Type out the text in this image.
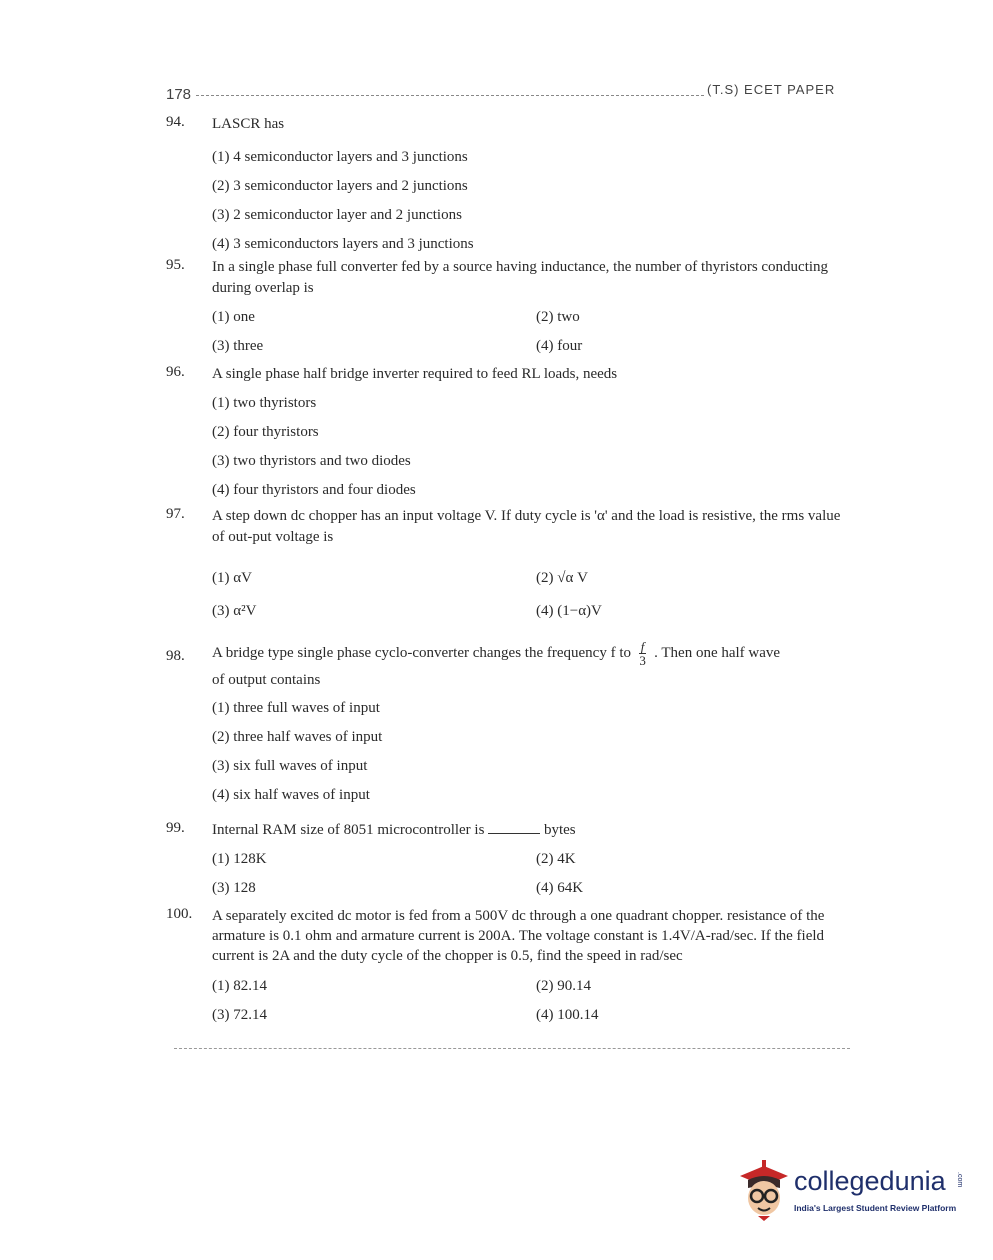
178	(T.S) ECET PAPER
94. LASCR has
(1) 4 semiconductor layers and 3 junctions
(2) 3 semiconductor layers and 2 junctions
(3) 2 semiconductor layer and 2 junctions
(4) 3 semiconductors layers and 3 junctions
95. In a single phase full converter fed by a source having inductance, the number of thyristors conducting during overlap is
(1) one	(2) two
(3) three	(4) four
96. A single phase half bridge inverter required to feed RL loads, needs
(1) two thyristors
(2) four thyristors
(3) two thyristors and two diodes
(4) four thyristors and four diodes
97. A step down dc chopper has an input voltage V. If duty cycle is 'α' and the load is resistive, the rms value of out-put voltage is
(1) αV	(2) √α V
(3) α²V	(4) (1−α)V
98. A bridge type single phase cyclo-converter changes the frequency f to $\frac{f}{3}$ . Then one half wave
of output contains
(1) three full waves of input
(2) three half waves of input
(3) six full waves of input
(4) six half waves of input
99. Internal RAM size of 8051 microcontroller is	bytes
(1) 128K	(2) 4K
(3) 128	(4) 64K
100. A separately excited dc motor is fed from a 500V dc through a one quadrant chopper. resistance of the armature is 0.1 ohm and armature current is 200A. The voltage constant is 1.4V/A-rad/sec. If the field current is 2A and the duty cycle of the chopper is 0.5, find the speed in rad/sec
(1) 82.14	(2) 90.14
(3) 72.14	(4) 100.14
collegedunia .com
India's Largest Student Review Platform
